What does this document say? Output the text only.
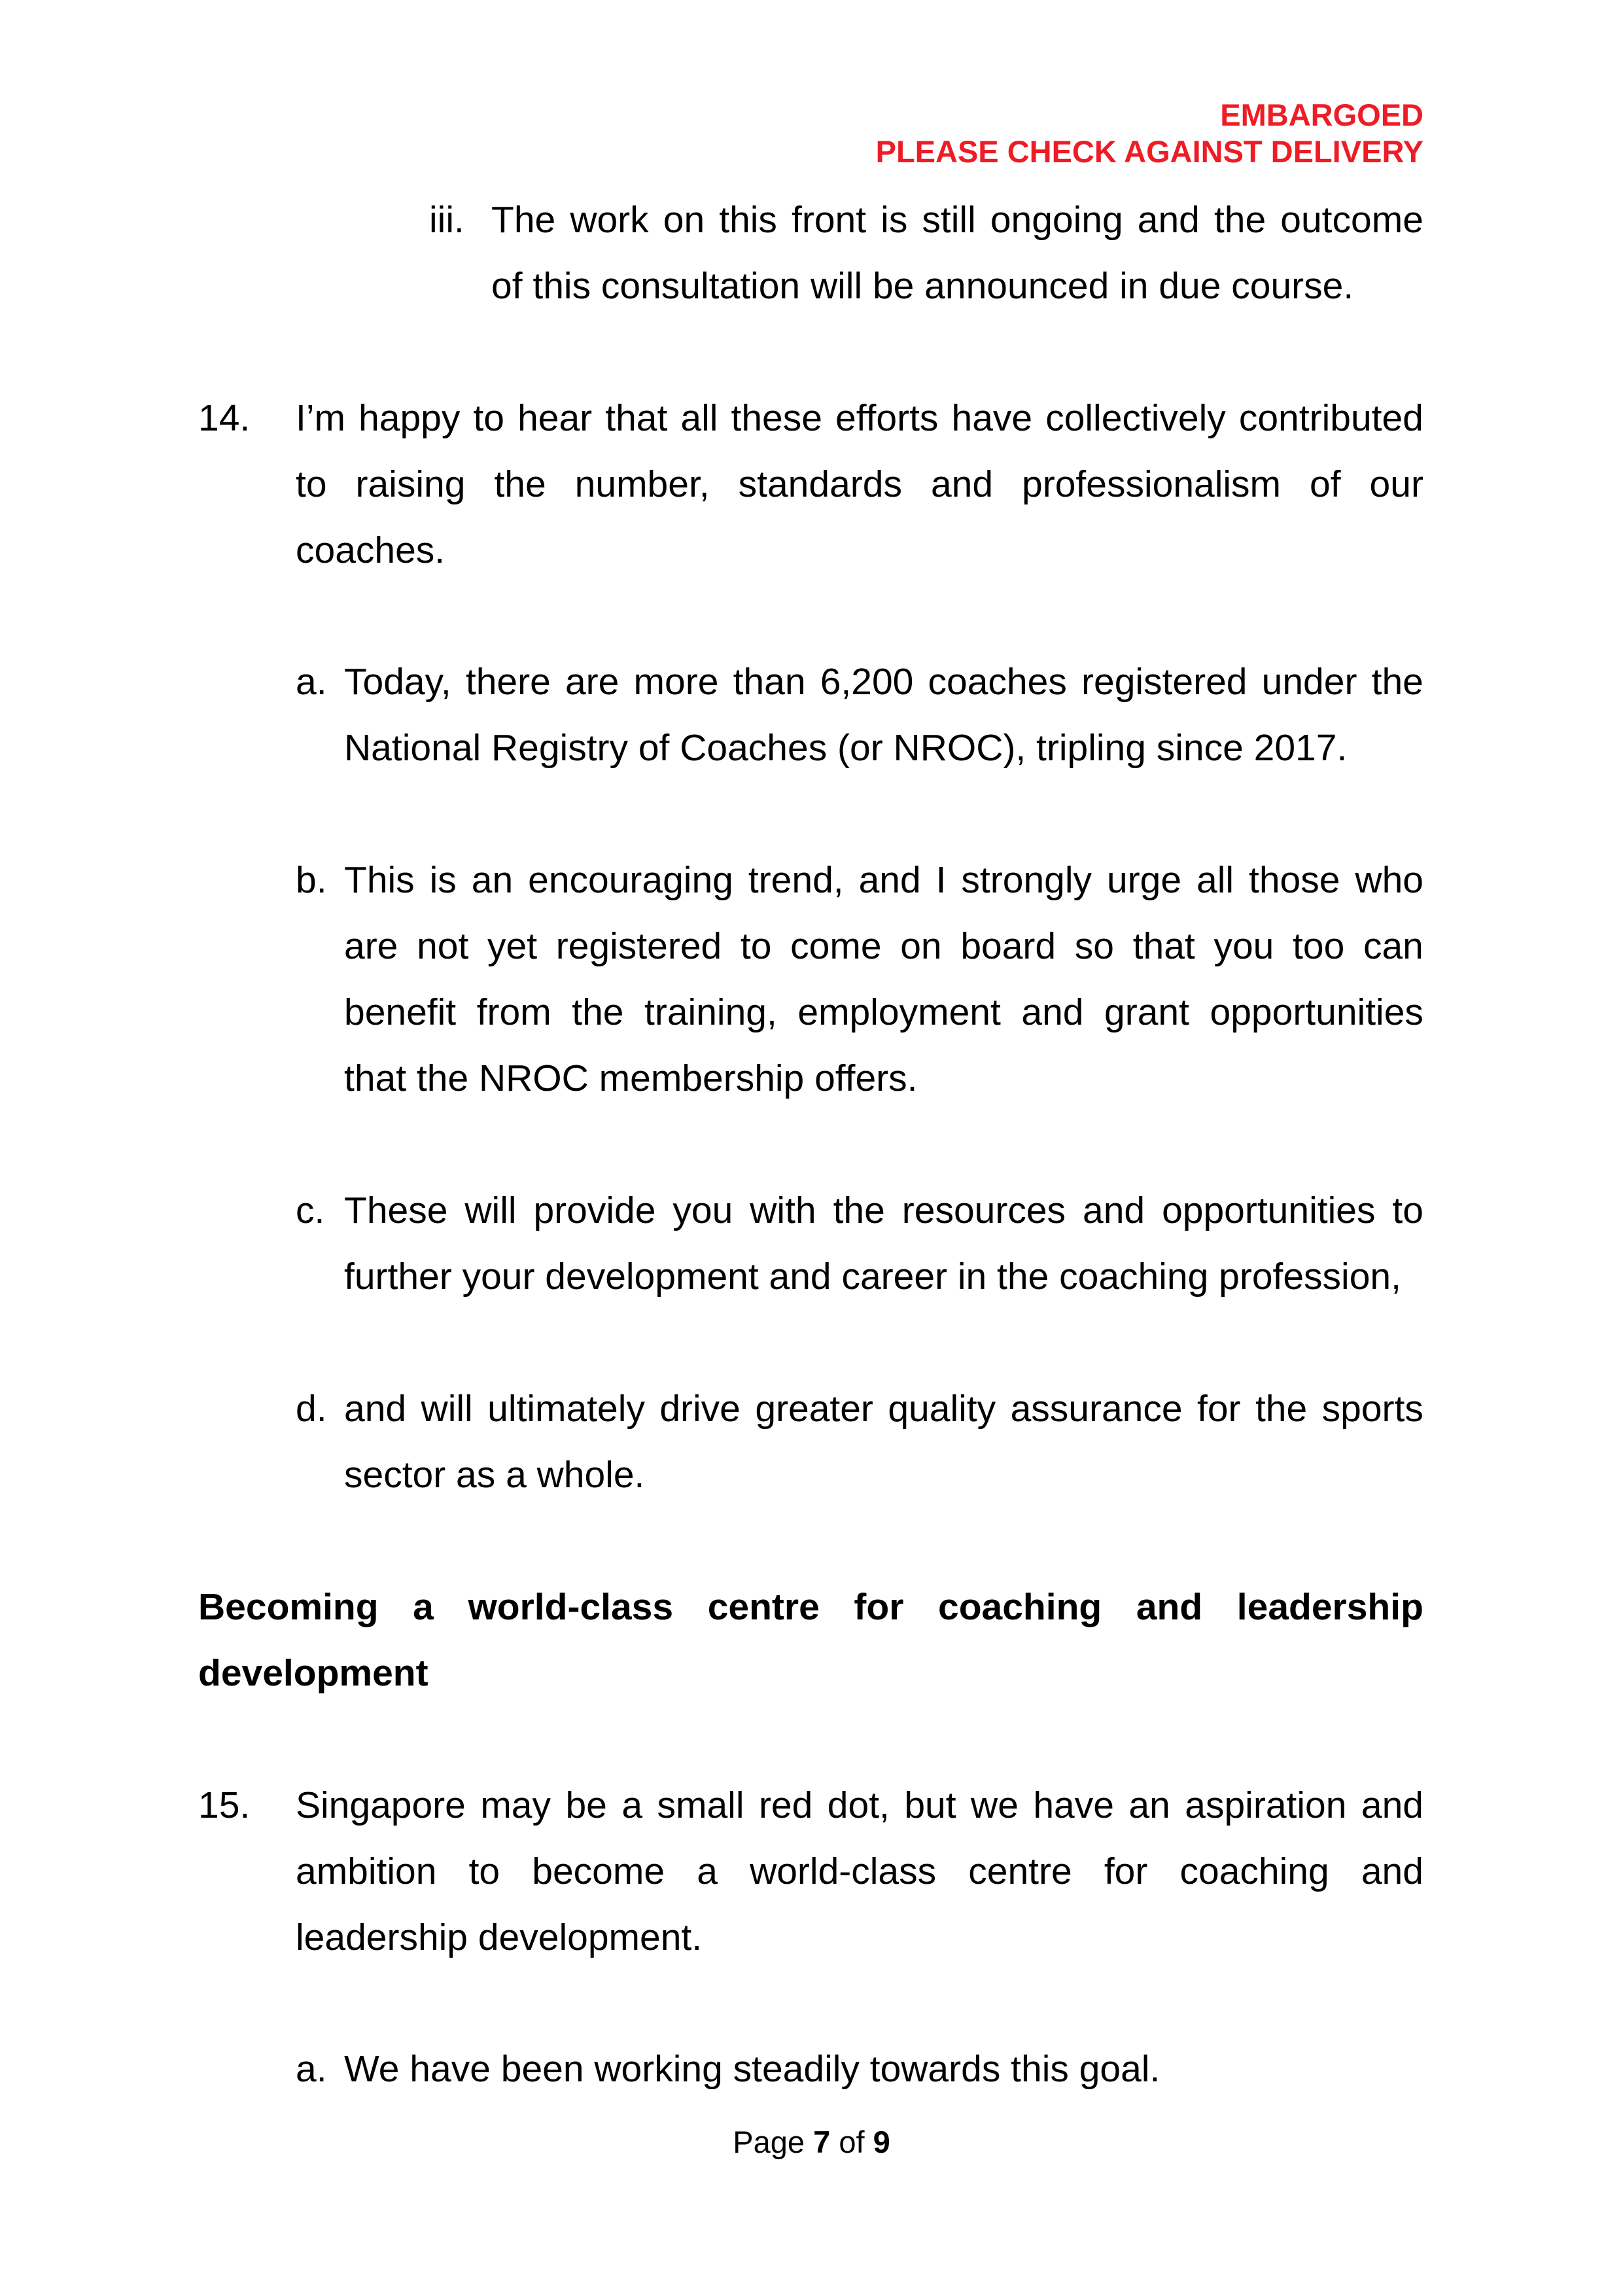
EMBARGOED
PLEASE CHECK AGAINST DELIVERY
iii. The work on this front is still ongoing and the outcome
of this consultation will be announced in due course.
14. I’m happy to hear that all these efforts have collectively contributed
to raising the number, standards and professionalism of our
coaches.
a. Today, there are more than 6,200 coaches registered under the
National Registry of Coaches (or NROC), tripling since 2017.
b. This is an encouraging trend, and I strongly urge all those who
are not yet registered to come on board so that you too can
benefit from the training, employment and grant opportunities
that the NROC membership offers.
c. These will provide you with the resources and opportunities to
further your development and career in the coaching profession,
d. and will ultimately drive greater quality assurance for the sports
sector as a whole.
Becoming a world-class centre for coaching and leadership
development
15. Singapore may be a small red dot, but we have an aspiration and
ambition to become a world-class centre for coaching and
leadership development.
a. We have been working steadily towards this goal.
Page 7 of 9
